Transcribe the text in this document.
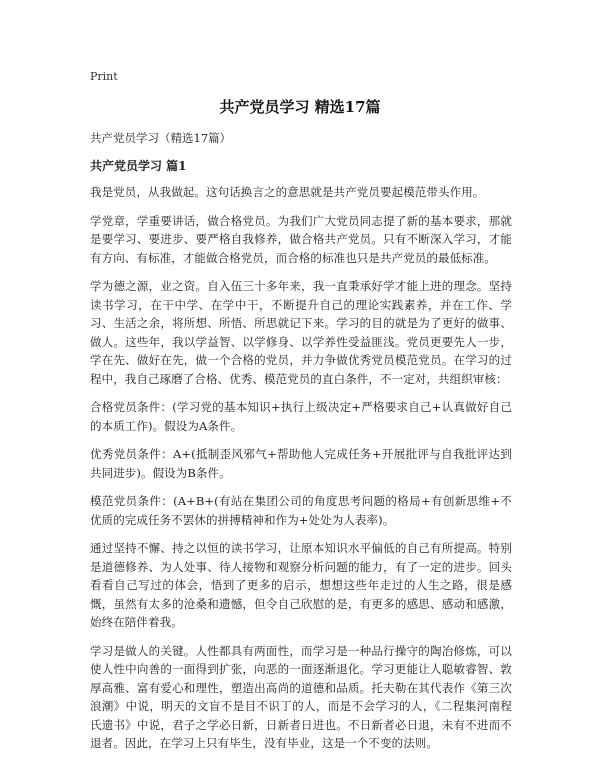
Print
共产党员学习 精选17篇
共产党员学习（精选17篇）
共产党员学习 篇1

我是党员，从我做起。这句话换言之的意思就是共产党员要起模范带头作用。

学党章，学重要讲话，做合格党员。为我们广大党员同志提了新的基本要求，那就是要学习、要进步、要严格自我修养，做合格共产党员。只有不断深入学习，才能有方向、有标准，才能做合格党员，而合格的标准也只是共产党员的最低标准。

学为德之源，业之资。自入伍三十多年来，我一直秉承好学才能上进的理念。坚持读书学习，在干中学、在学中干，不断提升自己的理论实践素养，并在工作、学习、生活之余，将所想、所悟、所思就记下来。学习的目的就是为了更好的做事、做人。这些年，我以学益智、以学修身、以学养性受益匪浅。党员更要先人一步，学在先、做好在先，做一个合格的党员，并力争做优秀党员模范党员。在学习的过程中，我自己琢磨了合格、优秀、模范党员的直白条件，不一定对，共组织审核：

合格党员条件：(学习党的基本知识+执行上级决定+严格要求自己+认真做好自己的本质工作)。假设为A条件。

优秀党员条件：A+(抵制歪风邪气+帮助他人完成任务+开展批评与自我批评达到共同进步)。假设为B条件。

模范党员条件：(A+B+(有站在集团公司的角度思考问题的格局+有创新思维+不优质的完成任务不罢休的拼搏精神和作为+处处为人表率)。

通过坚持不懈、持之以恒的读书学习，让原本知识水平偏低的自己有所提高。特别是道德修养、为人处事、待人接物和观察分析问题的能力，有了一定的进步。回头看看自己写过的体会，悟到了更多的启示，想想这些年走过的人生之路，很是感慨，虽然有太多的沧桑和遗憾，但令自己欣慰的是，有更多的感思、感动和感激，始终在陪伴着我。

学习是做人的关键。人性都具有两面性，而学习是一种品行操守的陶冶修炼，可以使人性中向善的一面得到扩张，向恶的一面逐渐退化。学习更能让人聪敏睿智、敦厚高雅、富有爱心和理性，塑造出高尚的道德和品质。托夫勒在其代表作《第三次浪潮》中说，明天的文盲不是目不识丁的人，而是不会学习的人，《二程集河南程氏遗书》中说，君子之学必日新，日新者日进也。不日新者必日退，未有不进而不退者。因此，在学习上只有毕生，没有毕业，这是一个不变的法则。
